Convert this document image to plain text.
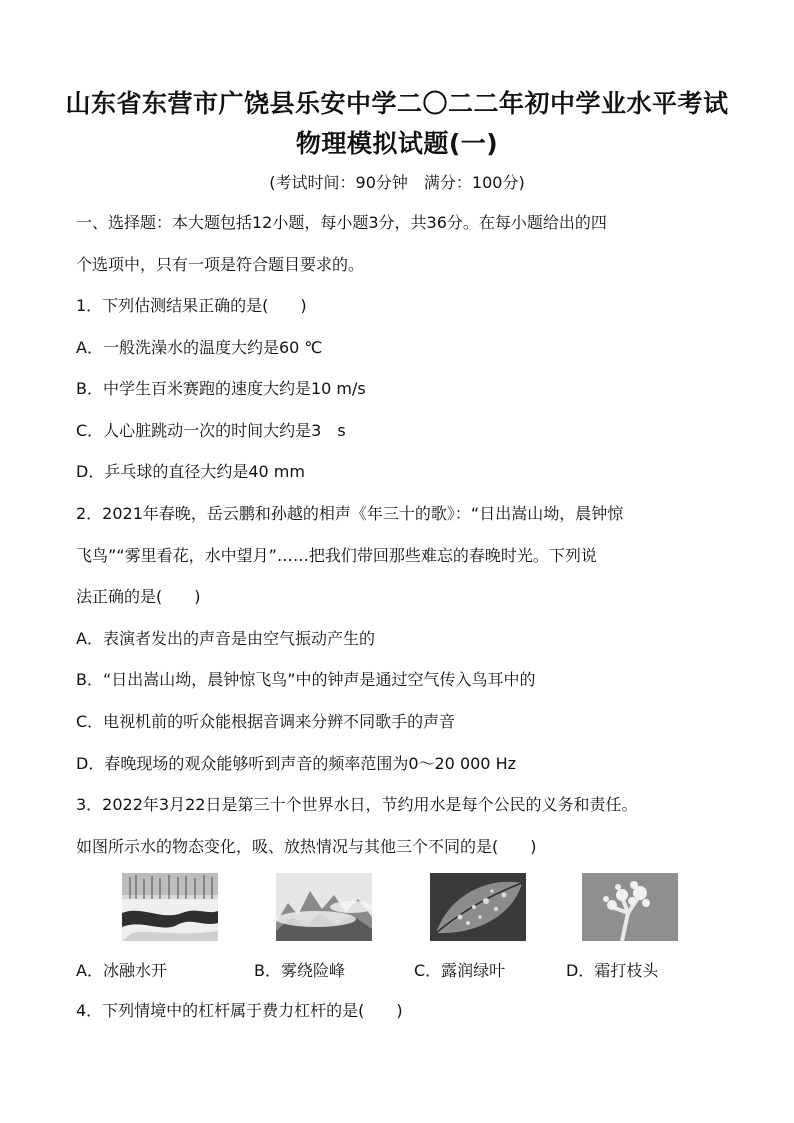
山东省东营市广饶县乐安中学二〇二二年初中学业水平考试
物理模拟试题(一)
(考试时间：90分钟　满分：100分)
一、选择题：本大题包括12小题，每小题3分，共36分。在每小题给出的四
个选项中，只有一项是符合题目要求的。
1．下列估测结果正确的是(　　)
A．一般洗澡水的温度大约是60 ℃
B．中学生百米赛跑的速度大约是10 m/s
C．人心脏跳动一次的时间大约是3　s
D．乒乓球的直径大约是40 mm
2．2021年春晚，岳云鹏和孙越的相声《年三十的歌》：“日出嵩山坳，晨钟惊
飞鸟”“雾里看花，水中望月”……把我们带回那些难忘的春晚时光。下列说
法正确的是(　　)
A．表演者发出的声音是由空气振动产生的
B．“日出嵩山坳，晨钟惊飞鸟”中的钟声是通过空气传入鸟耳中的
C．电视机前的听众能根据音调来分辨不同歌手的声音
D．春晚现场的观众能够听到声音的频率范围为0～20 000 Hz
3．2022年3月22日是第三十个世界水日，节约用水是每个公民的义务和责任。
如图所示水的物态变化，吸、放热情况与其他三个不同的是(　　)
A．冰融水开	B．雾绕险峰	C．露润绿叶	D．霜打枝头
4．下列情境中的杠杆属于费力杠杆的是(　　)
